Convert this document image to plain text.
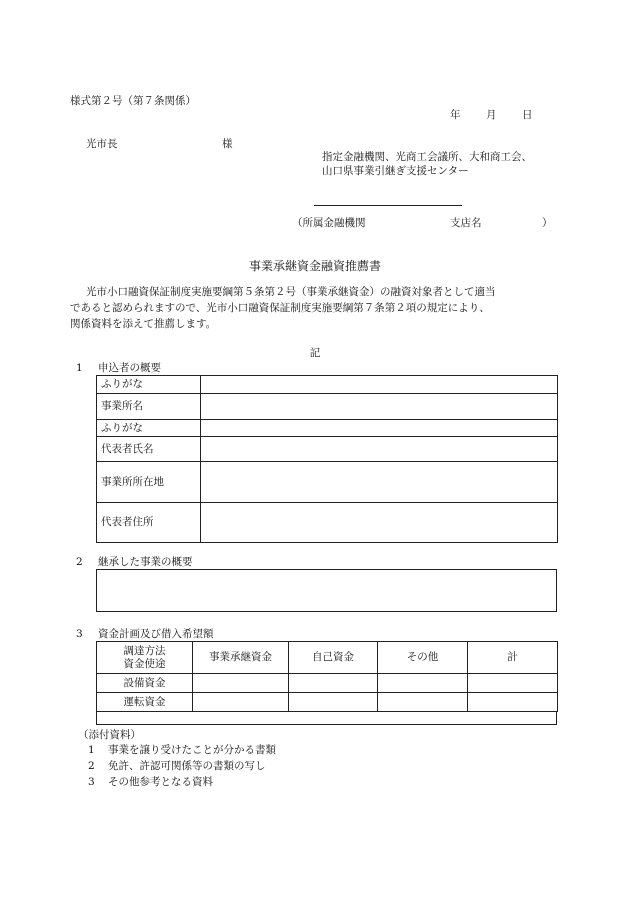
様式第２号（第７条関係）
年 月 日
光市長	様
指定金融機関、光商工会議所、大和商工会、
山口県事業引継ぎ支援センター
（所属金融機関	支店名	）
事業承継資金融資推薦書
光市小口融資保証制度実施要綱第５条第２号（事業承継資金）の融資対象者として適当
であると認められますので、光市小口融資保証制度実施要綱第７条第２項の規定により、
関係資料を添えて推薦します。
記
1 申込者の概要
ふりがな	
事業所名	
ふりがな	
代表者氏名	
事業所所在地	
代表者住所	
2 継承した事業の概要
3 資金計画及び借入希望額
調達方法
資金使途	事業承継資金	自己資金	その他	計
設備資金				
運転資金				
（添付資料）
1 事業を譲り受けたことが分かる書類
2 免許、許認可関係等の書類の写し
3 その他参考となる資料
